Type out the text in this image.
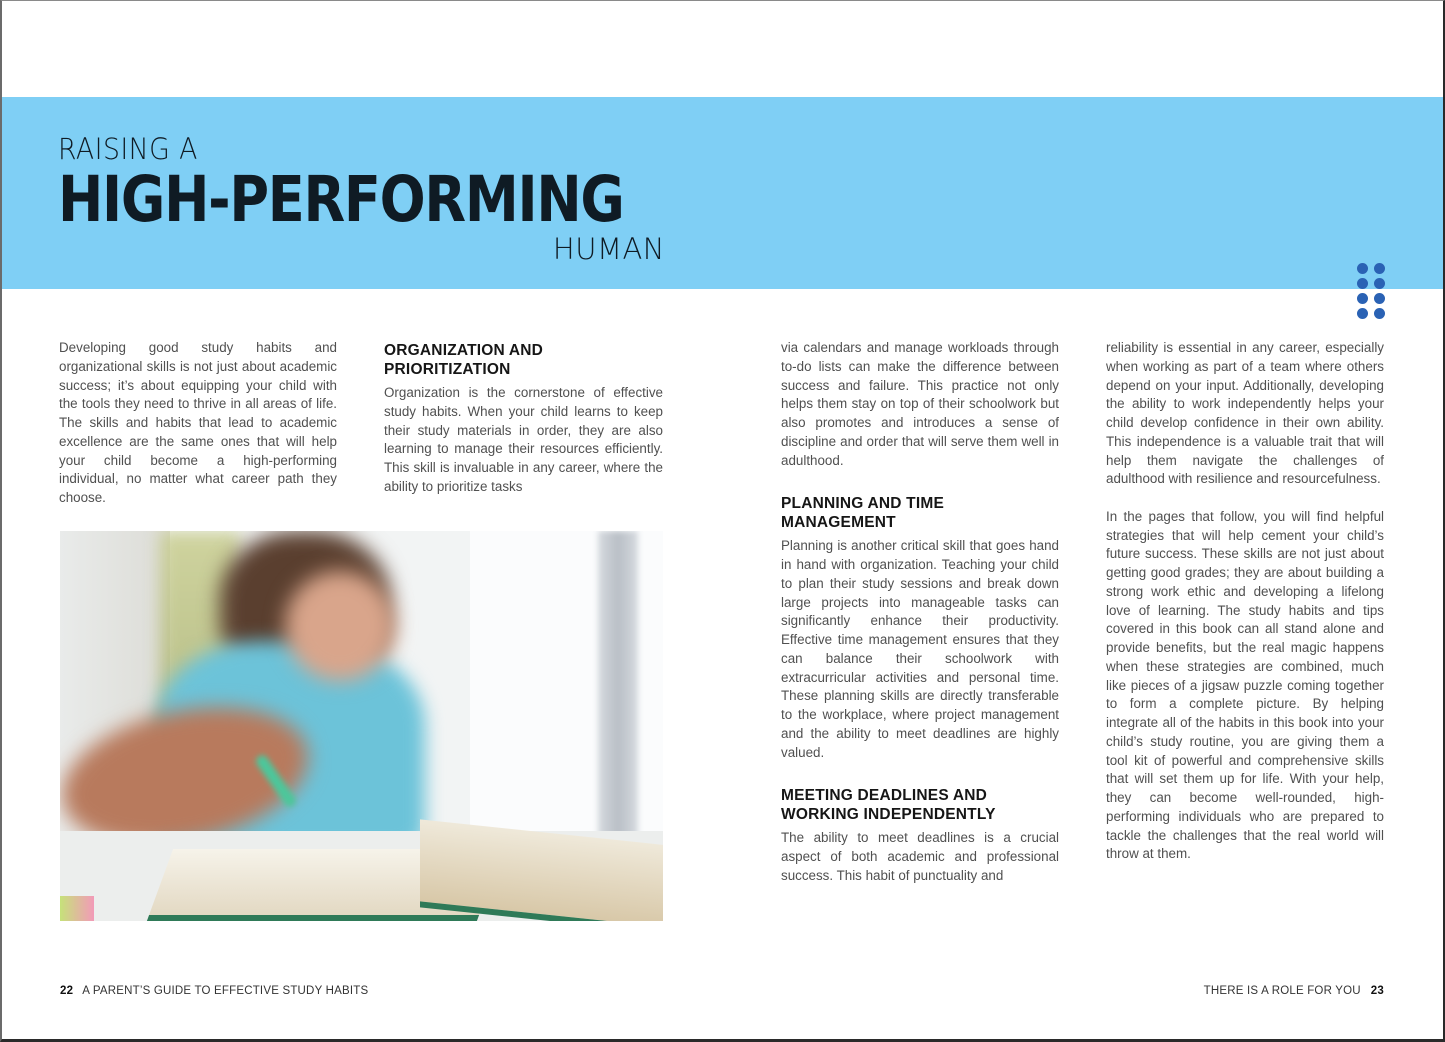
RAISING A
HIGH-PERFORMING
HUMAN

Developing good study habits and organizational skills is not just about academic success; it’s about equipping your child with the tools they need to thrive in all areas of life. The skills and habits that lead to academic excellence are the same ones that will help your child become a high-performing individual, no matter what career path they choose.

ORGANIZATION AND PRIORITIZATION

Organization is the cornerstone of effective study habits. When your child learns to keep their study materials in order, they are also learning to manage their resources efficiently. This skill is invaluable in any career, where the ability to prioritize tasks

via calendars and manage workloads through to-do lists can make the difference between success and failure. This practice not only helps them stay on top of their schoolwork but also promotes and introduces a sense of discipline and order that will serve them well in adulthood.

PLANNING AND TIME MANAGEMENT

Planning is another critical skill that goes hand in hand with organization. Teaching your child to plan their study sessions and break down large projects into manageable tasks can significantly enhance their productivity. Effective time management ensures that they can balance their schoolwork with extracurricular activities and personal time. These planning skills are directly transferable to the workplace, where project management and the ability to meet deadlines are highly valued.

MEETING DEADLINES AND WORKING INDEPENDENTLY

The ability to meet deadlines is a crucial aspect of both academic and professional success. This habit of punctuality and

reliability is essential in any career, especially when working as part of a team where others depend on your input. Additionally, developing the ability to work independently helps your child develop confidence in their own ability. This independence is a valuable trait that will help them navigate the challenges of adulthood with resilience and resourcefulness.

In the pages that follow, you will find helpful strategies that will help cement your child’s future success. These skills are not just about getting good grades; they are about building a strong work ethic and developing a lifelong love of learning. The study habits and tips covered in this book can all stand alone and provide benefits, but the real magic happens when these strategies are combined, much like pieces of a jigsaw puzzle coming together to form a complete picture. By helping integrate all of the habits in this book into your child’s study routine, you are giving them a tool kit of powerful and comprehensive skills that will set them up for life. With your help, they can become well-rounded, high-performing individuals who are prepared to tackle the challenges that the real world will throw at them.

22 A PARENT’S GUIDE TO EFFECTIVE STUDY HABITS	THERE IS A ROLE FOR YOU 23
